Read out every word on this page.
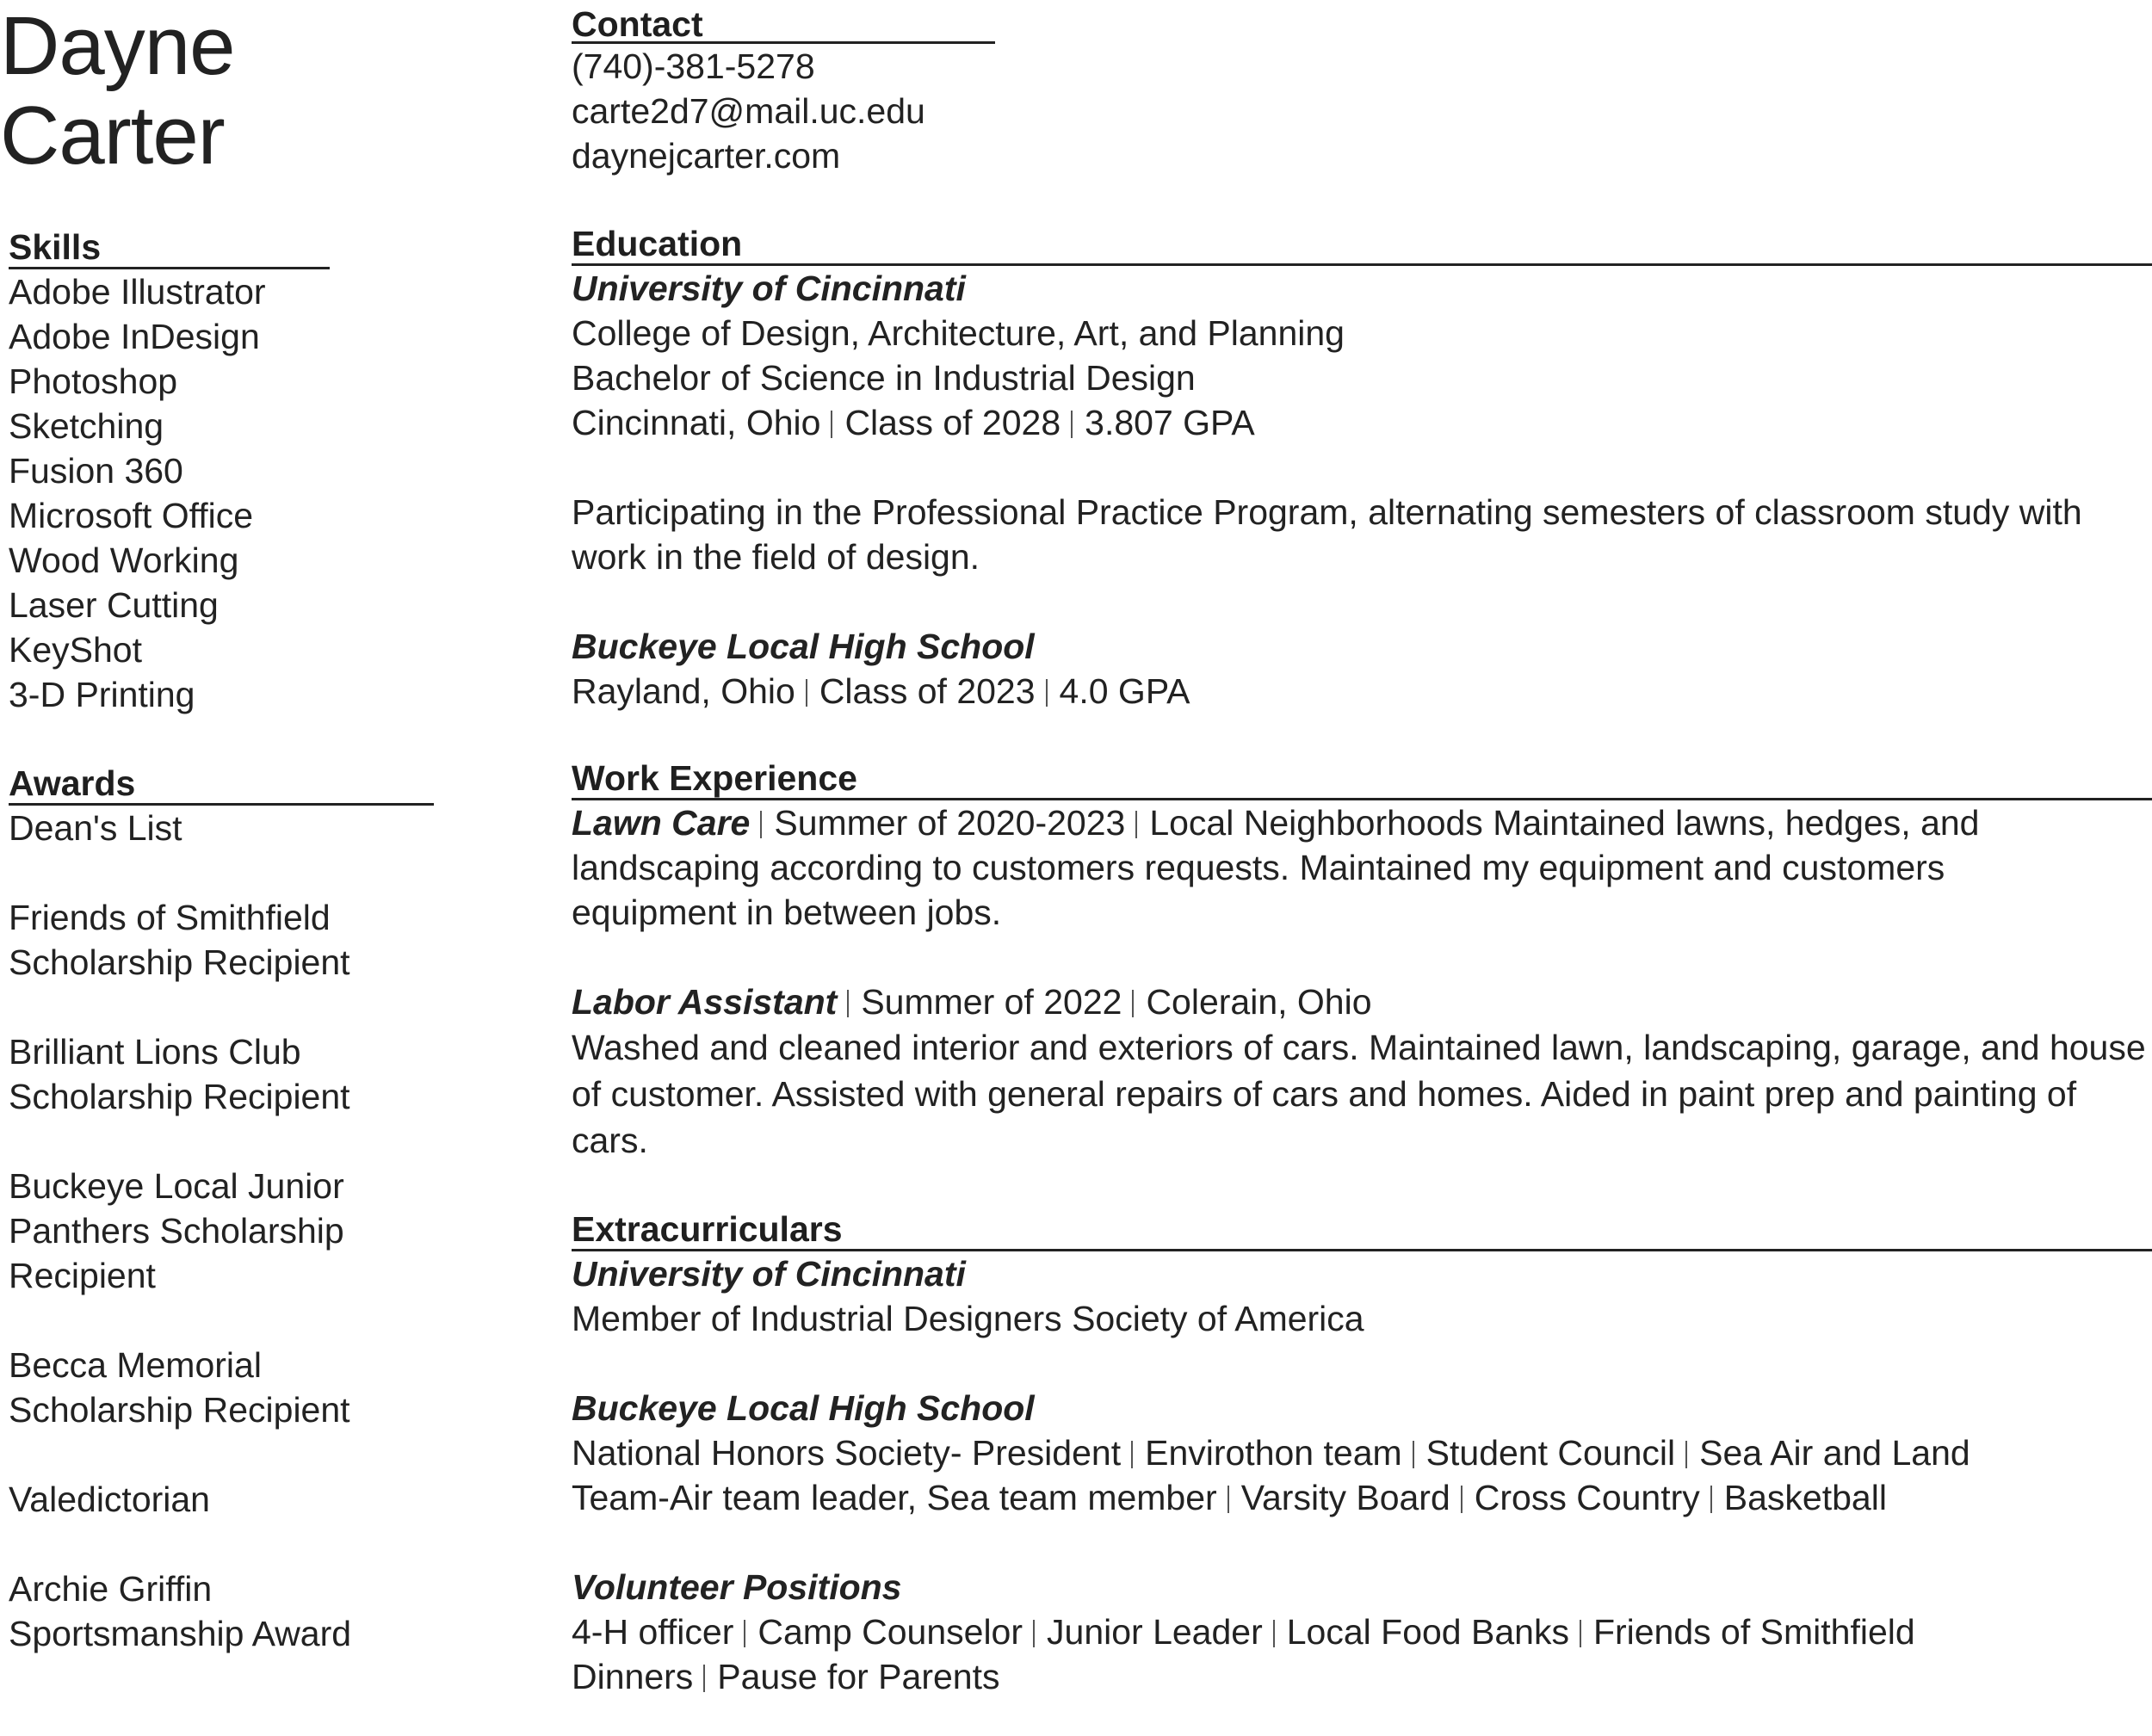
Dayne
Carter
Skills
Adobe Illustrator
Adobe InDesign
Photoshop
Sketching
Fusion 360
Microsoft Office
Wood Working
Laser Cutting
KeyShot
3-D Printing
Awards
Dean's List
Friends of Smithfield
Scholarship Recipient
Brilliant Lions Club
Scholarship Recipient
Buckeye Local Junior
Panthers Scholarship
Recipient
Becca Memorial
Scholarship Recipient
Valedictorian
Archie Griffin
Sportsmanship Award
Contact
(740)-381-5278
carte2d7@mail.uc.edu
daynejcarter.com
Education
University of Cincinnati
College of Design, Architecture, Art, and Planning
Bachelor of Science in Industrial Design
Cincinnati, Ohio Class of 2028 3.807 GPA
Participating in the Professional Practice Program, alternating semesters of classroom study with work in the field of design.
Buckeye Local High School
Rayland, Ohio Class of 2023 4.0 GPA
Work Experience
Lawn Care Summer of 2020-2023 Local Neighborhoods Maintained lawns, hedges, and
landscaping according to customers requests. Maintained my equipment and customers
equipment in between jobs.
Labor Assistant Summer of 2022 Colerain, Ohio
Washed and cleaned interior and exteriors of cars. Maintained lawn, landscaping, garage, and house of customer. Assisted with general repairs of cars and homes. Aided in paint prep and painting of cars.
Extracurriculars
University of Cincinnati
Member of Industrial Designers Society of America
Buckeye Local High School
National Honors Society- President Envirothon team Student Council Sea Air and Land
Team-Air team leader, Sea team member Varsity Board Cross Country Basketball
Volunteer Positions
4-H officer Camp Counselor Junior Leader Local Food Banks Friends of Smithfield
Dinners Pause for Parents
